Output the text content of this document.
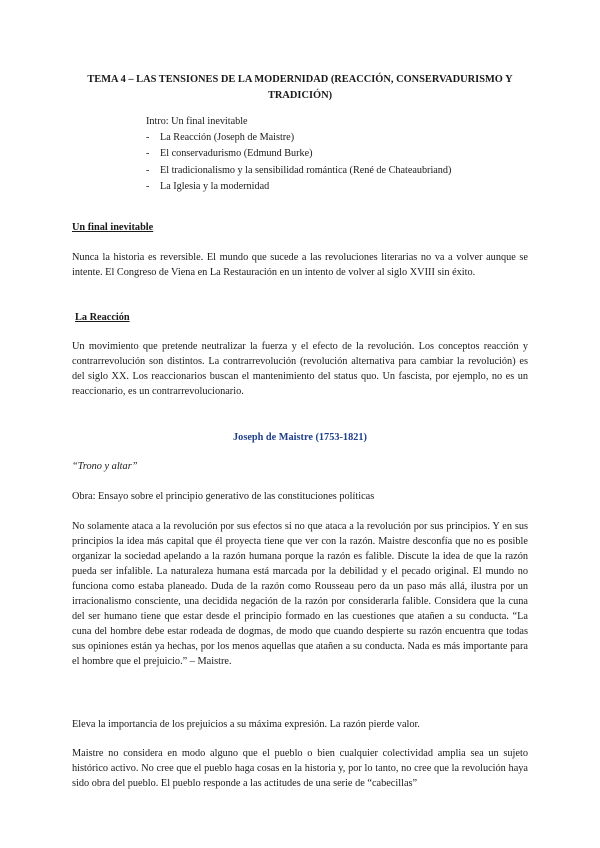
TEMA 4 – LAS TENSIONES DE LA MODERNIDAD (REACCIÓN, CONSERVADURISMO Y TRADICIÓN)
Intro: Un final inevitable
- La Reacción (Joseph de Maistre)
- El conservadurismo (Edmund Burke)
- El tradicionalismo y la sensibilidad romántica (René de Chateaubriand)
- La Iglesia y la modernidad

Un final inevitable

Nunca la historia es reversible. El mundo que sucede a las revoluciones literarias no va a volver aunque se intente. El Congreso de Viena en La Restauración en un intento de volver al siglo XVIII sin éxito.

La Reacción

Un movimiento que pretende neutralizar la fuerza y el efecto de la revolución. Los conceptos reacción y contrarrevolución son distintos. La contrarrevolución (revolución alternativa para cambiar la revolución) es del siglo XX. Los reaccionarios buscan el mantenimiento del status quo. Un fascista, por ejemplo, no es un reaccionario, es un contrarrevolucionario.

Joseph de Maistre (1753-1821)

“Trono y altar”

Obra: Ensayo sobre el principio generativo de las constituciones políticas

No solamente ataca a la revolución por sus efectos si no que ataca a la revolución por sus principios. Y en sus principios la idea más capital que él proyecta tiene que ver con la razón. Maistre desconfía que no es posible organizar la sociedad apelando a la razón humana porque la razón es falible. Discute la idea de que la razón pueda ser infalible. La naturaleza humana está marcada por la debilidad y el pecado original. El mundo no funciona como estaba planeado. Duda de la razón como Rousseau pero da un paso más allá, ilustra por un irracionalismo consciente, una decidida negación de la razón por considerarla falible. Considera que la cuna del ser humano tiene que estar desde el principio formado en las cuestiones que atañen a su conducta. “La cuna del hombre debe estar rodeada de dogmas, de modo que cuando despierte su razón encuentra que todas sus opiniones están ya hechas, por los menos aquellas que atañen a su conducta. Nada es más importante para el hombre que el prejuicio.” – Maistre.

Eleva la importancia de los prejuicios a su máxima expresión. La razón pierde valor.

Maistre no considera en modo alguno que el pueblo o bien cualquier colectividad amplia sea un sujeto histórico activo. No cree que el pueblo haga cosas en la historia y, por lo tanto, no cree que la revolución haya sido obra del pueblo. El pueblo responde a las actitudes de una serie de “cabecillas”
